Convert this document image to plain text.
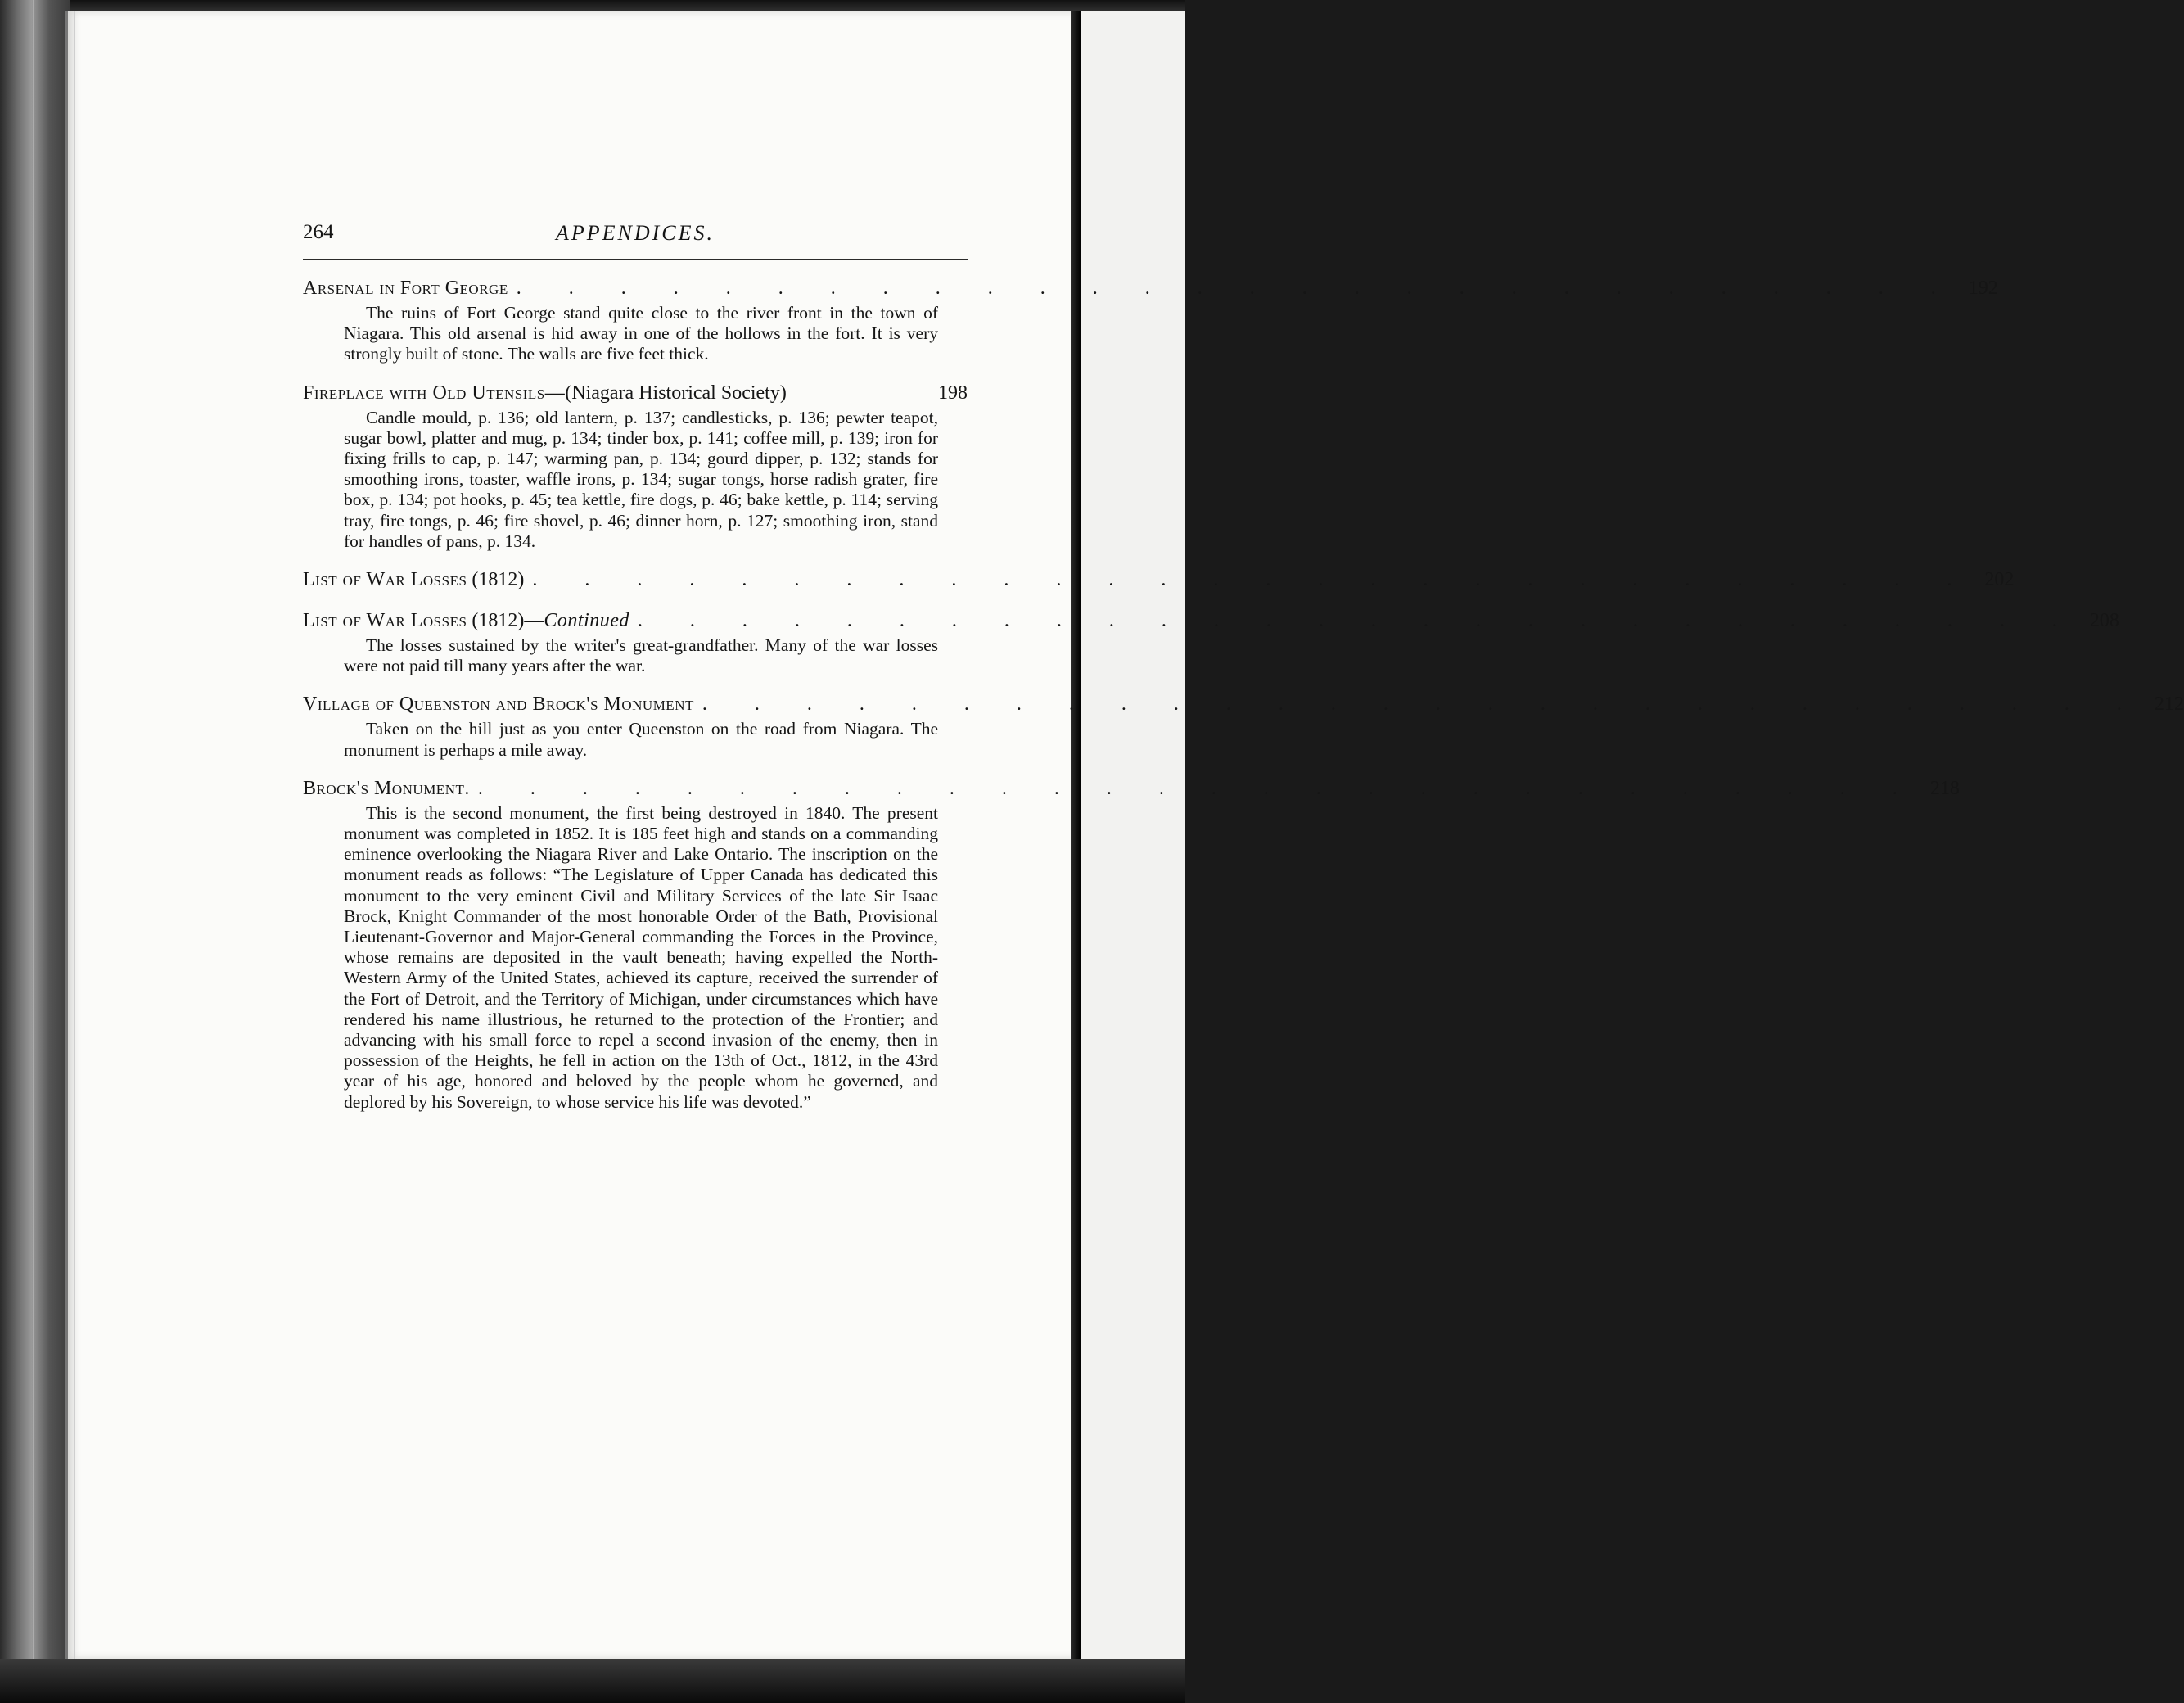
264	APPENDICES.
Arsenal in Fort George . . . . . . . . . . . . . . . . . . . . . . . . . . . . 192

The ruins of Fort George stand quite close to the river front in the town of Niagara. This old arsenal is hid away in one of the hollows in the fort. It is very strongly built of stone. The walls are five feet thick.

Fireplace with Old Utensils—(Niagara Historical Society)	198

Candle mould, p. 136; old lantern, p. 137; candlesticks, p. 136; pewter teapot, sugar bowl, platter and mug, p. 134; tinder box, p. 141; coffee mill, p. 139; iron for fixing frills to cap, p. 147; warming pan, p. 134; gourd dipper, p. 132; stands for smoothing irons, toaster, waffle irons, p. 134; sugar tongs, horse radish grater, fire box, p. 134; pot hooks, p. 45; tea kettle, fire dogs, p. 46; bake kettle, p. 114; serving tray, fire tongs, p. 46; fire shovel, p. 46; dinner horn, p. 127; smoothing iron, stand for handles of pans, p. 134.

List of War Losses (1812) . . . . . . . . . . . . . . . . . . . . . . . . . . . . 202
List of War Losses (1812)—Continued . . . . . . . . . . . . . . . . . . . . . . . . . . . . 208

The losses sustained by the writer's great-grandfather. Many of the war losses were not paid till many years after the war.

Village of Queenston and Brock's Monument . . . . . . . . . . . . . . . . . . . . . . . . . . . . 212

Taken on the hill just as you enter Queenston on the road from Niagara. The monument is perhaps a mile away.

Brock's Monument. . . . . . . . . . . . . . . . . . . . . . . . . . . . . 218

This is the second monument, the first being destroyed in 1840. The present monument was completed in 1852. It is 185 feet high and stands on a commanding eminence overlooking the Niagara River and Lake Ontario. The inscription on the monument reads as follows: “The Legislature of Upper Canada has dedicated this monument to the very eminent Civil and Military Services of the late Sir Isaac Brock, Knight Commander of the most honorable Order of the Bath, Provisional Lieutenant-Governor and Major-General commanding the Forces in the Province, whose remains are deposited in the vault beneath; having expelled the North-Western Army of the United States, achieved its capture, received the surrender of the Fort of Detroit, and the Territory of Michigan, under circumstances which have rendered his name illustrious, he returned to the protection of the Frontier; and advancing with his small force to repel a second invasion of the enemy, then in possession of the Heights, he fell in action on the 13th of Oct., 1812, in the 43rd year of his age, honored and beloved by the people whom he governed, and deplored by his Sovereign, to whose service his life was devoted.”
